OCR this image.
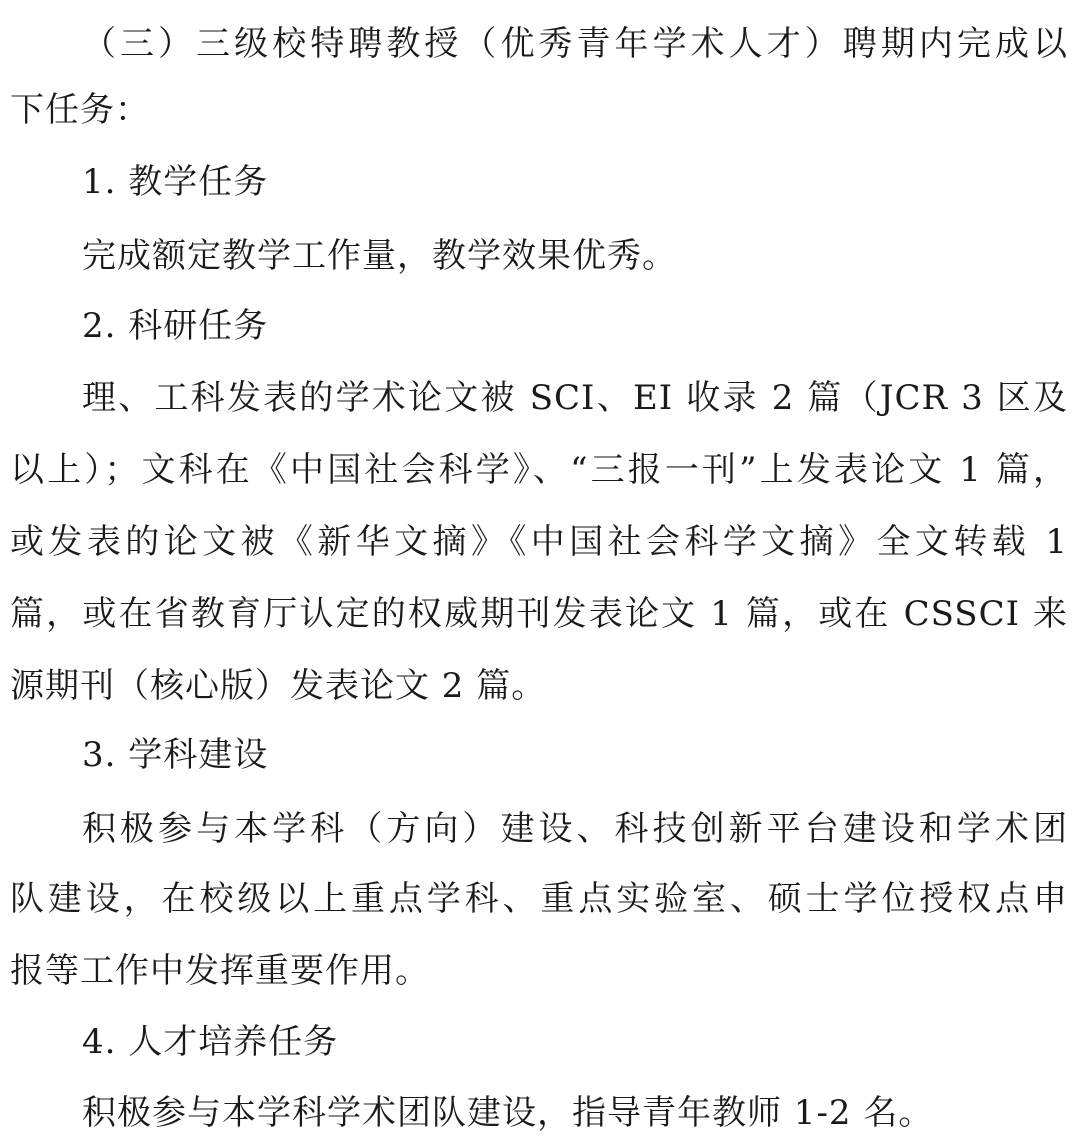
（三）三级校特聘教授（优秀青年学术人才）聘期内完成以
下任务：
1. 教学任务
完成额定教学工作量，教学效果优秀。
2. 科研任务
理、工科发表的学术论文被 SCI、EI 收录 2 篇（JCR 3 区及
以上）；文科在《中国社会科学》、“三报一刊”上发表论文 1 篇，
或发表的论文被《新华文摘》《中国社会科学文摘》全文转载 1
篇，或在省教育厅认定的权威期刊发表论文 1 篇，或在 CSSCI 来
源期刊（核心版）发表论文 2 篇。
3. 学科建设
积极参与本学科（方向）建设、科技创新平台建设和学术团
队建设，在校级以上重点学科、重点实验室、硕士学位授权点申
报等工作中发挥重要作用。
4. 人才培养任务
积极参与本学科学术团队建设，指导青年教师 1-2 名。
